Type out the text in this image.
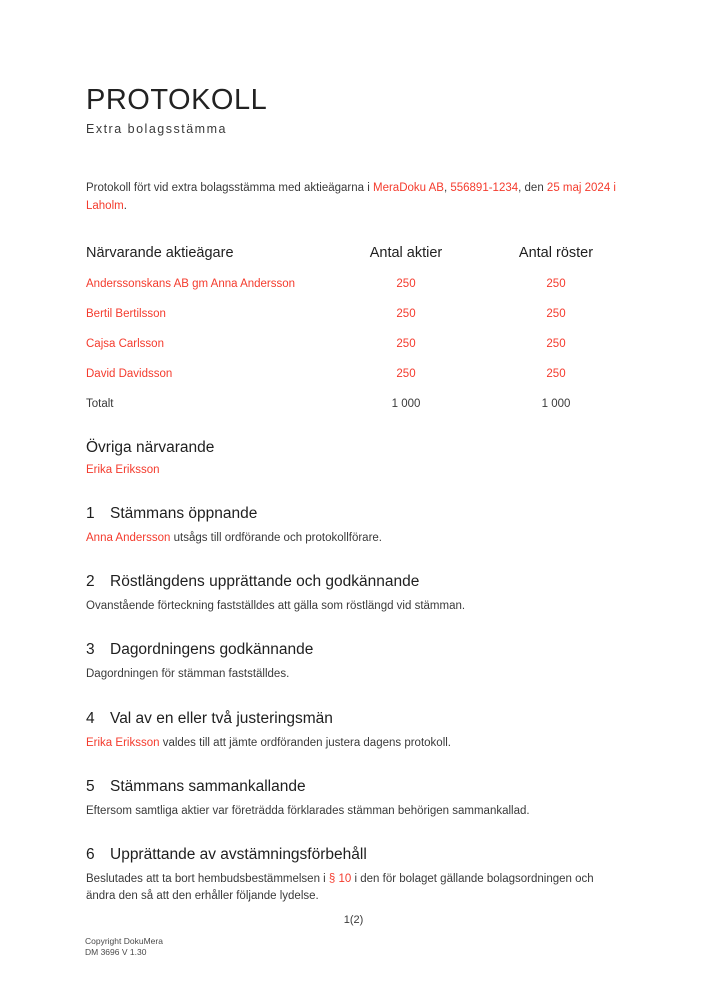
PROTOKOLL
Extra bolagsstämma

Protokoll fört vid extra bolagsstämma med aktieägarna i MeraDoku AB, 556891-1234, den 25 maj 2024 i Laholm.

Närvarande aktieägare	Antal aktier	Antal röster
Anderssonskans AB gm Anna Andersson	250	250
Bertil Bertilsson	250	250
Cajsa Carlsson	250	250
David Davidsson	250	250
Totalt	1 000	1 000
Övriga närvarande
Erika Eriksson
1 Stämmans öppnande

Anna Andersson utsågs till ordförande och protokollförare.

2 Röstlängdens upprättande och godkännande

Ovanstående förteckning fastställdes att gälla som röstlängd vid stämman.

3 Dagordningens godkännande

Dagordningen för stämman fastställdes.

4 Val av en eller två justeringsmän

Erika Eriksson valdes till att jämte ordföranden justera dagens protokoll.

5 Stämmans sammankallande

Eftersom samtliga aktier var företrädda förklarades stämman behörigen sammankallad.

6 Upprättande av avstämningsförbehåll

Beslutades att ta bort hembudsbestämmelsen i § 10 i den för bolaget gällande bolagsordningen och ändra den så att den erhåller följande lydelse.

1(2)
Copyright DokuMera
DM 3696 V 1.30
